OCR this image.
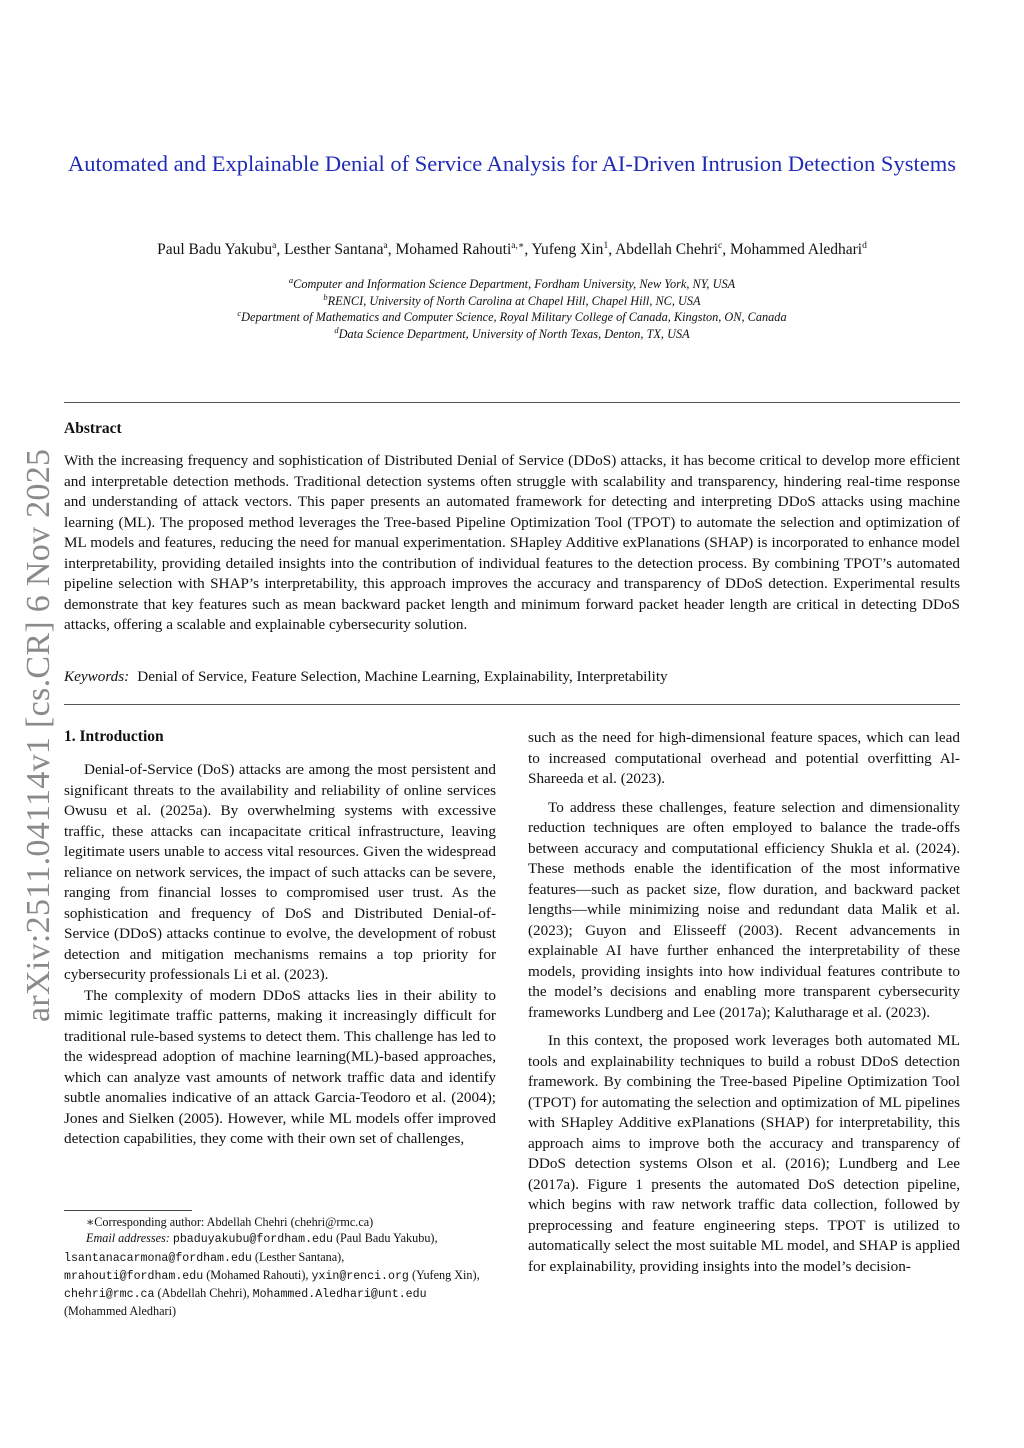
Automated and Explainable Denial of Service Analysis for AI-Driven Intrusion Detection Systems
Paul Badu Yakubu$^a$, Lesther Santana$^a$, Mohamed Rahouti$^{a,∗}$, Yufeng Xin$^1$, Abdellah Chehri$^c$, Mohammed Aledhari$^d$
$^a$Computer and Information Science Department, Fordham University, New York, NY, USA
$^b$RENCI, University of North Carolina at Chapel Hill, Chapel Hill, NC, USA
$^c$Department of Mathematics and Computer Science, Royal Military College of Canada, Kingston, ON, Canada
$^d$Data Science Department, University of North Texas, Denton, TX, USA
arXiv:2511.04114v1 [cs.CR] 6 Nov 2025
Abstract
With the increasing frequency and sophistication of Distributed Denial of Service (DDoS) attacks, it has become critical to develop more efficient and interpretable detection methods. Traditional detection systems often struggle with scalability and transparency, hindering real-time response and understanding of attack vectors. This paper presents an automated framework for detecting and interpreting DDoS attacks using machine learning (ML). The proposed method leverages the Tree-based Pipeline Optimization Tool (TPOT) to automate the selection and optimization of ML models and features, reducing the need for manual experimentation. SHapley Additive exPlanations (SHAP) is incorporated to enhance model interpretability, providing detailed insights into the contribution of individual features to the detection process. By combining TPOT’s automated pipeline selection with SHAP’s interpretability, this approach improves the accuracy and transparency of DDoS detection. Experimental results demonstrate that key features such as mean backward packet length and minimum forward packet header length are critical in detecting DDoS attacks, offering a scalable and explainable cybersecurity solution.
Keywords: Denial of Service, Feature Selection, Machine Learning, Explainability, Interpretability
1. Introduction

Denial-of-Service (DoS) attacks are among the most persistent and significant threats to the availability and reliability of online services Owusu et al. (2025a). By overwhelming systems with excessive traffic, these attacks can incapacitate critical infrastructure, leaving legitimate users unable to access vital resources. Given the widespread reliance on network services, the impact of such attacks can be severe, ranging from financial losses to compromised user trust. As the sophistication and frequency of DoS and Distributed Denial-of-Service (DDoS) attacks continue to evolve, the development of robust detection and mitigation mechanisms remains a top priority for cybersecurity professionals Li et al. (2023).

The complexity of modern DDoS attacks lies in their ability to mimic legitimate traffic patterns, making it increasingly difficult for traditional rule-based systems to detect them. This challenge has led to the widespread adoption of machine learning(ML)-based approaches, which can analyze vast amounts of network traffic data and identify subtle anomalies indicative of an attack Garcia-Teodoro et al. (2004); Jones and Sielken (2005). However, while ML models offer improved detection capabilities, they come with their own set of challenges,

such as the need for high-dimensional feature spaces, which can lead to increased computational overhead and potential overfitting Al-Shareeda et al. (2023).

To address these challenges, feature selection and dimensionality reduction techniques are often employed to balance the trade-offs between accuracy and computational efficiency Shukla et al. (2024). These methods enable the identification of the most informative features—such as packet size, flow duration, and backward packet lengths—while minimizing noise and redundant data Malik et al. (2023); Guyon and Elisseeff (2003). Recent advancements in explainable AI have further enhanced the interpretability of these models, providing insights into how individual features contribute to the model’s decisions and enabling more transparent cybersecurity frameworks Lundberg and Lee (2017a); Kalutharage et al. (2023).

In this context, the proposed work leverages both automated ML tools and explainability techniques to build a robust DDoS detection framework. By combining the Tree-based Pipeline Optimization Tool (TPOT) for automating the selection and optimization of ML pipelines with SHapley Additive exPlanations (SHAP) for interpretability, this approach aims to improve both the accuracy and transparency of DDoS detection systems Olson et al. (2016); Lundberg and Lee (2017a). Figure 1 presents the automated DoS detection pipeline, which begins with raw network traffic data collection, followed by preprocessing and feature engineering steps. TPOT is utilized to automatically select the most suitable ML model, and SHAP is applied for explainability, providing insights into the model’s decision-

∗Corresponding author: Abdellah Chehri (chehri@rmc.ca)
Email addresses: pbaduyakubu@fordham.edu (Paul Badu Yakubu),
lsantanacarmona@fordham.edu (Lesther Santana),
mrahouti@fordham.edu (Mohamed Rahouti), yxin@renci.org (Yufeng Xin),
chehri@rmc.ca (Abdellah Chehri), Mohammed.Aledhari@unt.edu
(Mohammed Aledhari)
